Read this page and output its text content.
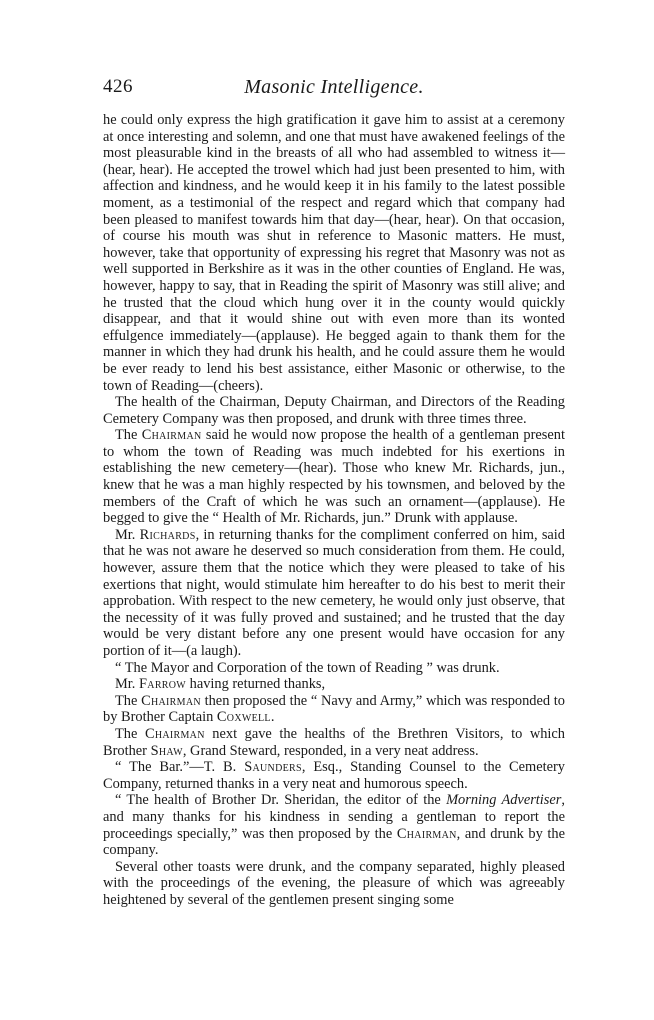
426	Masonic Intelligence.

he could only express the high gratification it gave him to assist at a ceremony at once interesting and solemn, and one that must have awakened feelings of the most pleasurable kind in the breasts of all who had assembled to witness it—(hear, hear). He accepted the trowel which had just been presented to him, with affection and kindness, and he would keep it in his family to the latest possible moment, as a testimonial of the respect and regard which that company had been pleased to manifest towards him that day—(hear, hear). On that occasion, of course his mouth was shut in reference to Masonic matters. He must, however, take that opportunity of expressing his regret that Masonry was not as well supported in Berkshire as it was in the other counties of England. He was, however, happy to say, that in Reading the spirit of Masonry was still alive; and he trusted that the cloud which hung over it in the county would quickly disappear, and that it would shine out with even more than its wonted effulgence immediately—(applause). He begged again to thank them for the manner in which they had drunk his health, and he could assure them he would be ever ready to lend his best assistance, either Masonic or otherwise, to the town of Reading—(cheers).

The health of the Chairman, Deputy Chairman, and Directors of the Reading Cemetery Company was then proposed, and drunk with three times three.

The Chairman said he would now propose the health of a gentleman present to whom the town of Reading was much indebted for his exertions in establishing the new cemetery—(hear). Those who knew Mr. Richards, jun., knew that he was a man highly respected by his townsmen, and beloved by the members of the Craft of which he was such an ornament—(applause). He begged to give the “ Health of Mr. Richards, jun.” Drunk with applause.

Mr. Richards, in returning thanks for the compliment conferred on him, said that he was not aware he deserved so much consideration from them. He could, however, assure them that the notice which they were pleased to take of his exertions that night, would stimulate him hereafter to do his best to merit their approbation. With respect to the new cemetery, he would only just observe, that the necessity of it was fully proved and sustained; and he trusted that the day would be very distant before any one present would have occasion for any portion of it—(a laugh).

“ The Mayor and Corporation of the town of Reading ” was drunk.

Mr. Farrow having returned thanks,

The Chairman then proposed the “ Navy and Army,” which was responded to by Brother Captain Coxwell.

The Chairman next gave the healths of the Brethren Visitors, to which Brother Shaw, Grand Steward, responded, in a very neat address.

“ The Bar.”—T. B. Saunders, Esq., Standing Counsel to the Cemetery Company, returned thanks in a very neat and humorous speech.

“ The health of Brother Dr. Sheridan, the editor of the Morning Advertiser, and many thanks for his kindness in sending a gentleman to report the proceedings specially,” was then proposed by the Chairman, and drunk by the company.

Several other toasts were drunk, and the company separated, highly pleased with the proceedings of the evening, the pleasure of which was agreeably heightened by several of the gentlemen present singing some
